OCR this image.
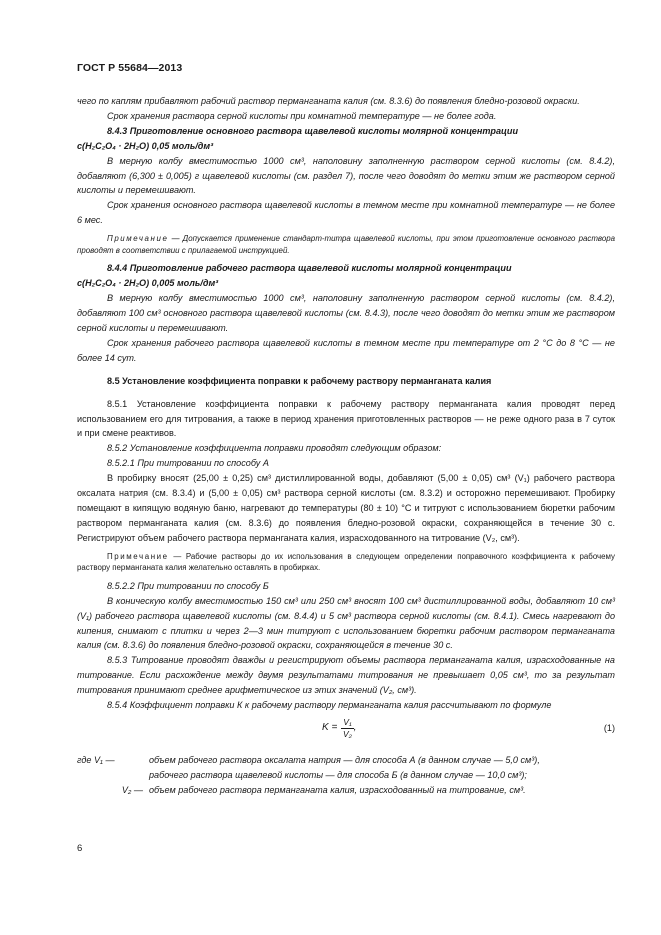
ГОСТ Р 55684—2013

чего по каплям прибавляют рабочий раствор перманганата калия (см. 8.3.6) до появления бледно-розовой окраски.

Срок хранения раствора серной кислоты при комнатной температуре — не более года.

8.4.3 Приготовление основного раствора щавелевой кислоты молярной концентрации

c(H₂C₂O₄ · 2H₂O) 0,05 моль/дм³

В мерную колбу вместимостью 1000 см³, наполовину заполненную раствором серной кислоты (см. 8.4.2), добавляют (6,300 ± 0,005) г щавелевой кислоты (см. раздел 7), после чего доводят до метки этим же раствором серной кислоты и перемешивают.

Срок хранения основного раствора щавелевой кислоты в темном месте при комнатной температуре — не более 6 мес.

Примечание — Допускается применение стандарт-титра щавелевой кислоты, при этом приготовление основного раствора проводят в соответствии с прилагаемой инструкцией.

8.4.4 Приготовление рабочего раствора щавелевой кислоты молярной концентрации

c(H₂C₂O₄ · 2H₂O) 0,005 моль/дм³

В мерную колбу вместимостью 1000 см³, наполовину заполненную раствором серной кислоты (см. 8.4.2), добавляют 100 см³ основного раствора щавелевой кислоты (см. 8.4.3), после чего доводят до метки этим же раствором серной кислоты и перемешивают.

Срок хранения рабочего раствора щавелевой кислоты в темном месте при температуре от 2 °С до 8 °С — не более 14 сут.

8.5 Установление коэффициента поправки к рабочему раствору перманганата калия

8.5.1 Установление коэффициента поправки к рабочему раствору перманганата калия проводят перед использованием его для титрования, а также в период хранения приготовленных растворов — не реже одного раза в 7 суток и при смене реактивов.

8.5.2 Установление коэффициента поправки проводят следующим образом:

8.5.2.1 При титровании по способу А

В пробирку вносят (25,00 ± 0,25) см³ дистиллированной воды, добавляют (5,00 ± 0,05) см³ (V₁) рабочего раствора оксалата натрия (см. 8.3.4) и (5,00 ± 0,05) см³ раствора серной кислоты (см. 8.3.2) и осторожно перемешивают. Пробирку помещают в кипящую водяную баню, нагревают до температуры (80 ± 10) °С и титруют с использованием бюретки рабочим раствором перманганата калия (см. 8.3.6) до появления бледно-розовой окраски, сохраняющейся в течение 30 с. Регистрируют объем рабочего раствора перманганата калия, израсходованного на титрование (V₂, см³).

Примечание — Рабочие растворы до их использования в следующем определении поправочного коэффициента к рабочему раствору перманганата калия желательно оставлять в пробирках.

8.5.2.2 При титровании по способу Б

В коническую колбу вместимостью 150 см³ или 250 см³ вносят 100 см³ дистиллированной воды, добавляют 10 см³ (V₁) рабочего раствора щавелевой кислоты (см. 8.4.4) и 5 см³ раствора серной кислоты (см. 8.4.1). Смесь нагревают до кипения, снимают с плитки и через 2—3 мин титруют с использованием бюретки рабочим раствором перманганата калия (см. 8.3.6) до появления бледно-розовой окраски, сохраняющейся в течение 30 с.

8.5.3 Титрование проводят дважды и регистрируют объемы раствора перманганата калия, израсходованные на титрование. Если расхождение между двумя результатами титрования не превышает 0,05 см³, то за результат титрования принимают среднее арифметическое из этих значений (V₂, см³).

8.5.4 Коэффициент поправки К к рабочему раствору перманганата калия рассчитывают по формуле

$K = \frac{\text{V₁}}{\text{V₂}}$ ,	(1)
где V₁ —	объем рабочего раствора оксалата натрия — для способа А (в данном случае — 5,0 см³),
рабочего раствора щавелевой кислоты — для способа Б (в данном случае — 10,0 см³);
V₂ — объем рабочего раствора перманганата калия, израсходованный на титрование, см³.
6
